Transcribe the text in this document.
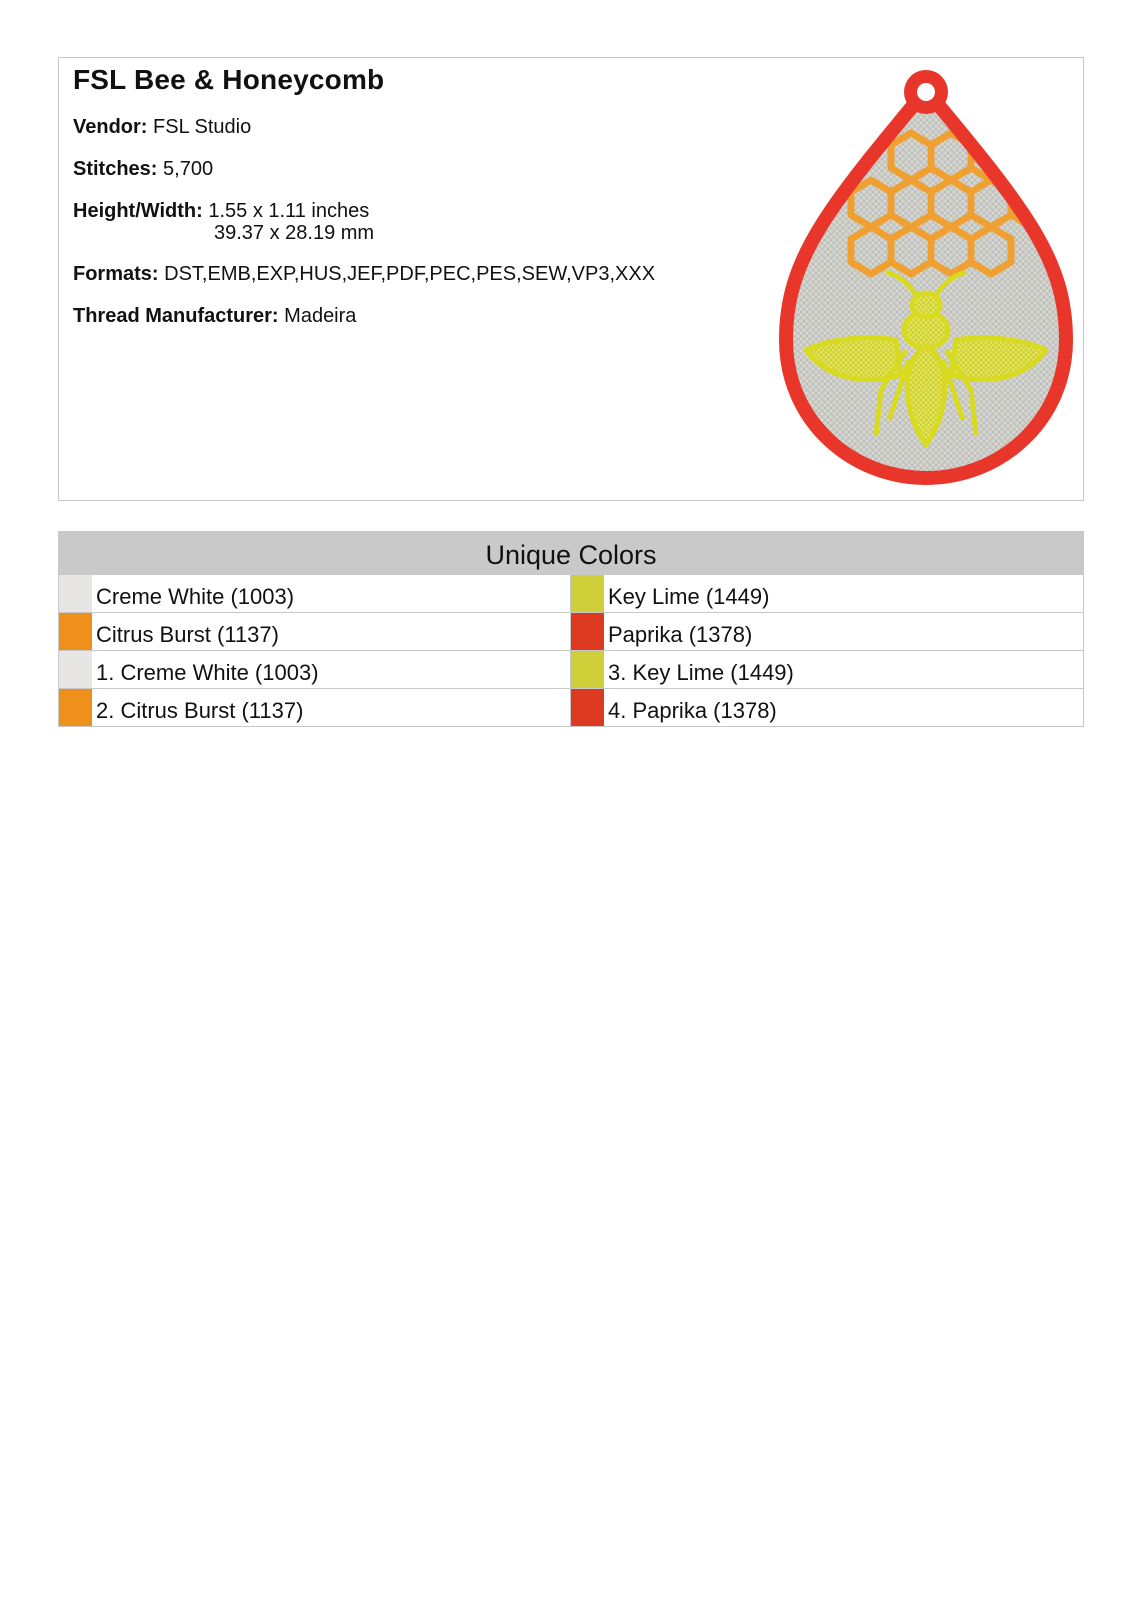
FSL Bee & Honeycomb
Vendor: FSL Studio
Stitches: 5,700
Height/Width: 1.55 x 1.11 inches
39.37 x 28.19 mm
Formats: DST,EMB,EXP,HUS,JEF,PDF,PEC,PES,SEW,VP3,XXX
Thread Manufacturer: Madeira
Unique Colors
Creme White (1003)	Key Lime (1449)
Citrus Burst (1137)	Paprika (1378)
1. Creme White (1003)	3. Key Lime (1449)
2. Citrus Burst (1137)	4. Paprika (1378)
